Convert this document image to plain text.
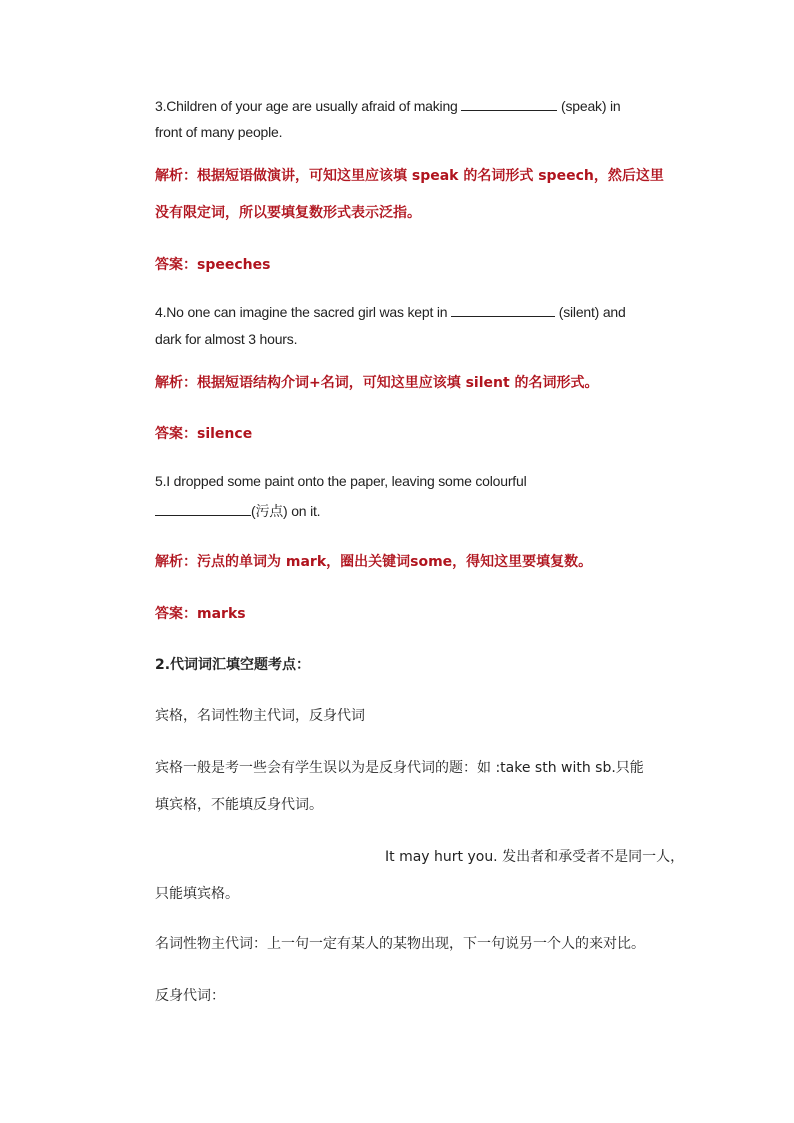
3.Children of your age are usually afraid of making	(speak) in
front of many people.
解析：根据短语做演讲，可知这里应该填 speak 的名词形式 speech，然后这里
没有限定词，所以要填复数形式表示泛指。
答案：speeches
4.No one can imagine the sacred girl was kept in	(silent) and
dark for almost 3 hours.
解析：根据短语结构介词+名词，可知这里应该填 silent 的名词形式。
答案：silence
5.I dropped some paint onto the paper, leaving some colourful
(污点) on it.
解析：污点的单词为 mark，圈出关键词some，得知这里要填复数。
答案：marks
2.代词词汇填空题考点：
宾格，名词性物主代词，反身代词
宾格一般是考一些会有学生误以为是反身代词的题：如 :take sth with sb.只能
填宾格，不能填反身代词。
It may hurt you. 发出者和承受者不是同一人，
只能填宾格。
名词性物主代词：上一句一定有某人的某物出现，下一句说另一个人的来对比。
反身代词：
